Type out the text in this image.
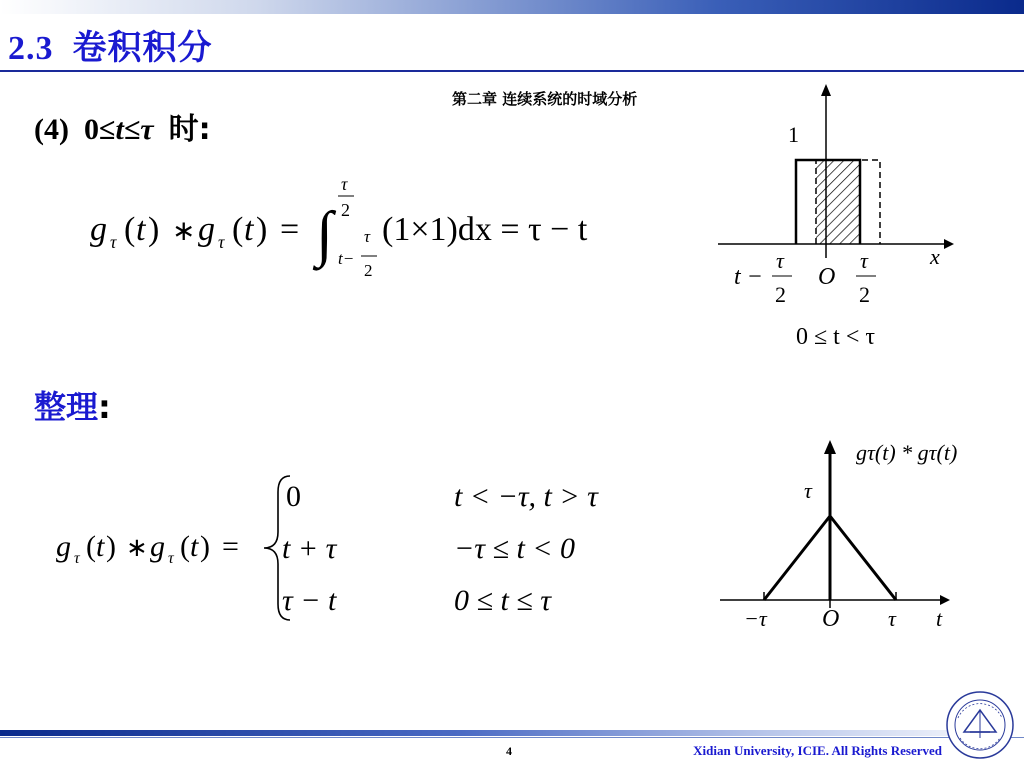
2.3 卷积积分
第二章 连续系统的时域分析
(4) 0≤t≤τ 时:
g τ ( t ) ∗ g τ ( t ) = ∫
τ
2
t−
τ
2
(1×1)dx = τ − t
1
x
t −
τ
2
O
τ
2
0 ≤ t < τ
整理:
g τ ( t ) ∗ g τ ( t ) =
0	t < −τ, t > τ
t + τ	−τ ≤ t < 0
τ − t	0 ≤ t ≤ τ
gτ(t) * gτ(t)
τ
−τ O τ t
4	Xidian University, ICIE. All Rights Reserved
